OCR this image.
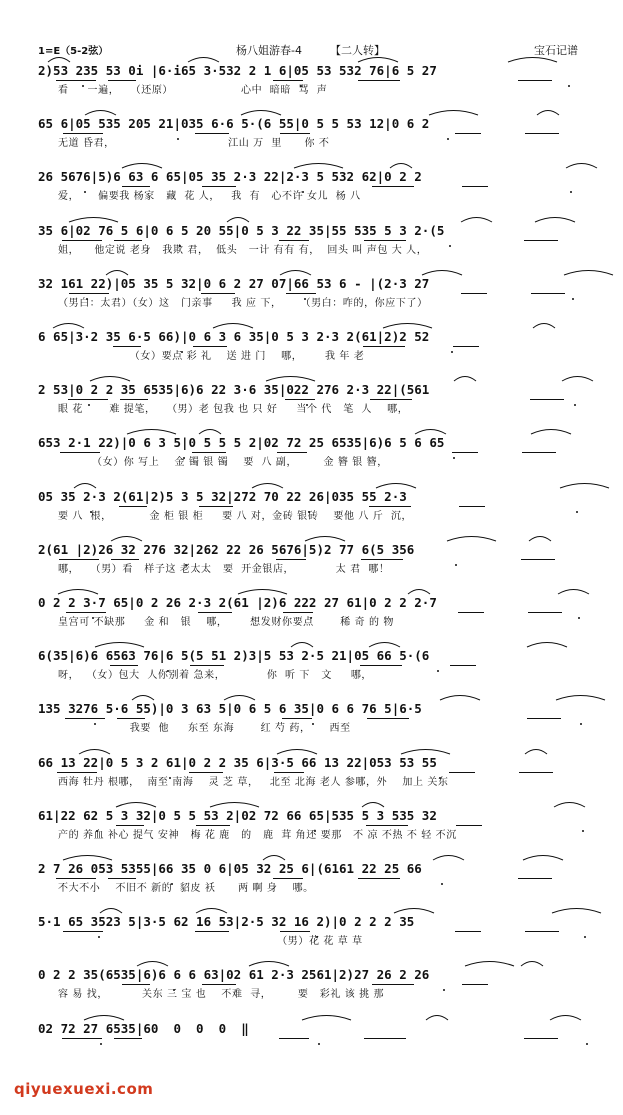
1=E（5-2弦）	杨八姐游春-4	【二人转】	宝石记谱
2)53 235 53 0i |6·i65 3·532 2 1 6|05 53 532 76|6 5 27
看     一遍，   （还原）                  心中  暗暗  骂  声
65 6|05 535 205 21|035 6·6 5·(6 55|0 5 5 53 12|0 6 2
无道 昏君，                              江山 万  里      你 不
26 5676|5)6 63 6 65|05 35 2·3 22|2·3 5 532 62|0 2 2
爱，     偏要我 杨家   藏  花 人，   我  有   心不许 女儿  杨 八
35 6|02 76 5 6|0 6 5 20 55|0 5 3 22 35|55 535 5 3 2·(5
姐，    他定说 老身   我欺 君，  低头   一计 有有 有，  回头 叫 声包 大 人，
32 161 22)|05 35 5 32|0 6 2 27 07|66 53 6 - |(2·3 27
（男白：太君）（女）这   门亲事     我 应 下，     （男白：咋的，你应下了）
6 65|3·2 35 6·5 66)|0 6 3 6 35|0 5 3 2·3 2(61|2)2 52
（女）要点 彩 礼    送 进 门    哪，      我 年 老
2 53|0 2 2 35 6535|6)6 22 3·6 35|022 276 2·3 22|(561
眼 花       难 提笔，   （男）老 包我 也 只 好     当个 代   笔  人    哪，
653 2·1 22)|0 6 3 5|0 5 5 5 2|02 72 25 6535|6)6 5 6 65
（女）你 写上    金 镯 银 镯    要  八 副，       金 簪 银 簪，
05 35 2·3 2(61|2)5 3 5 32|272 70 22 26|035 55 2·3
要 八  根，          金 柜 银 柜     要 八 对，金砖 银砖    要他 八 斤  沉，
2(61 |2)26 32 276 32|262 22 26 5676|5)2 77 6(5 356
哪，   （男）看   样子这 老太太   要  开金银店，           太 君  哪！
0 2 2 3·7 65|0 2 26 2·3 2(61 |2)6 222 27 61|0 2 2 2·7
皇宫可 不缺那     金 和   银    哪，      想发财你要点       稀 奇 的 物
6(35|6)6 6563 76|6 5(5 51 2)3|5 53 2·5 21|05 66 5·(6
呀，  （女）包大  人你别着 急来，           你  听 下   文     哪，
135 3276 5·6 55)|0 3 63 5|0 6 5 6 35|0 6 6 76 5|6·5
我要  他     东至 东海       红 芍 药，     西至
66 13 22|0 5 3 2 61|0 2 2 35 6|3·5 66 13 22|053 53 55
西海 牡丹 根哪，  南至 南海    灵 芝 草，   北至 北海 老人 参哪，外    加上 关东
61|22 62 5 3 32|0 5 5 53 2|02 72 66 65|535 5 3 535 32
产的 养血 补心 提气 安神   梅 花 鹿   的   鹿  茸 角还 要那   不 凉 不热 不 轻 不沉
2 7 26 053 5355|66 35 0 6|05 32 25 6|(6161 22 25 66
不大不小    不旧不 新的  貂皮 袄      两 啊 身    哪。
5·1 65 3523 5|3·5 62 16 53|2·5 32 16 2)|0 2 2 2 35
（男）花 花 草 草
0 2 2 35(6535|6)6 6 6 63|02 61 2·3 2561|2)27 26 2 26
容 易 找，         关东 三 宝 也    不难  寻，       要   彩礼 该 挑 那
02 72 27 6535|60  0  0  0  ‖
qiyuexuexi.com
